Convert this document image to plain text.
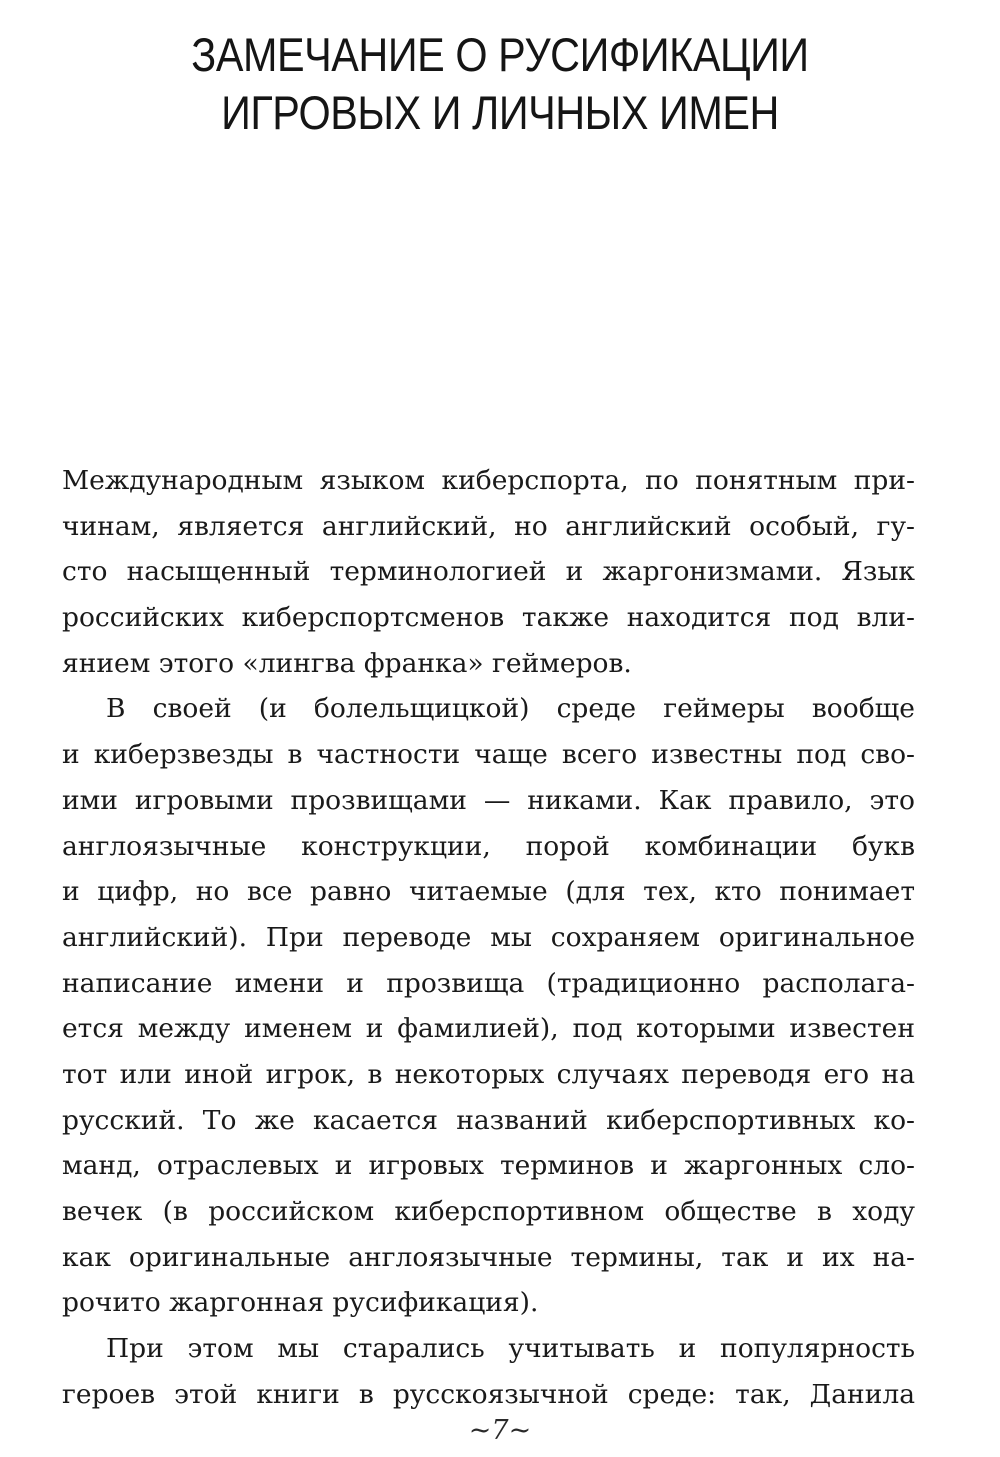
ЗАМЕЧАНИЕ О РУСИФИКАЦИИ
ИГРОВЫХ И ЛИЧНЫХ ИМЕН
Международным языком киберспорта, по понятным при-
чинам, является английский, но английский особый, гу-
сто насыщенный терминологией и жаргонизмами. Язык
российских киберспортсменов также находится под вли-
янием этого «лингва франка» геймеров.
В своей (и болельщицкой) среде геймеры вообще
и киберзвезды в частности чаще всего известны под сво-
ими игровыми прозвищами — никами. Как правило, это
англоязычные конструкции, порой комбинации букв
и цифр, но все равно читаемые (для тех, кто понимает
английский). При переводе мы сохраняем оригинальное
написание имени и прозвища (традиционно располага-
ется между именем и фамилией), под которыми известен
тот или иной игрок, в некоторых случаях переводя его на
русский. То же касается названий киберспортивных ко-
манд, отраслевых и игровых терминов и жаргонных сло-
вечек (в российском киберспортивном обществе в ходу
как оригинальные англоязычные термины, так и их на-
рочито жаргонная русификация).
При этом мы старались учитывать и популярность
героев этой книги в русскоязычной среде: так, Данила
~7~
